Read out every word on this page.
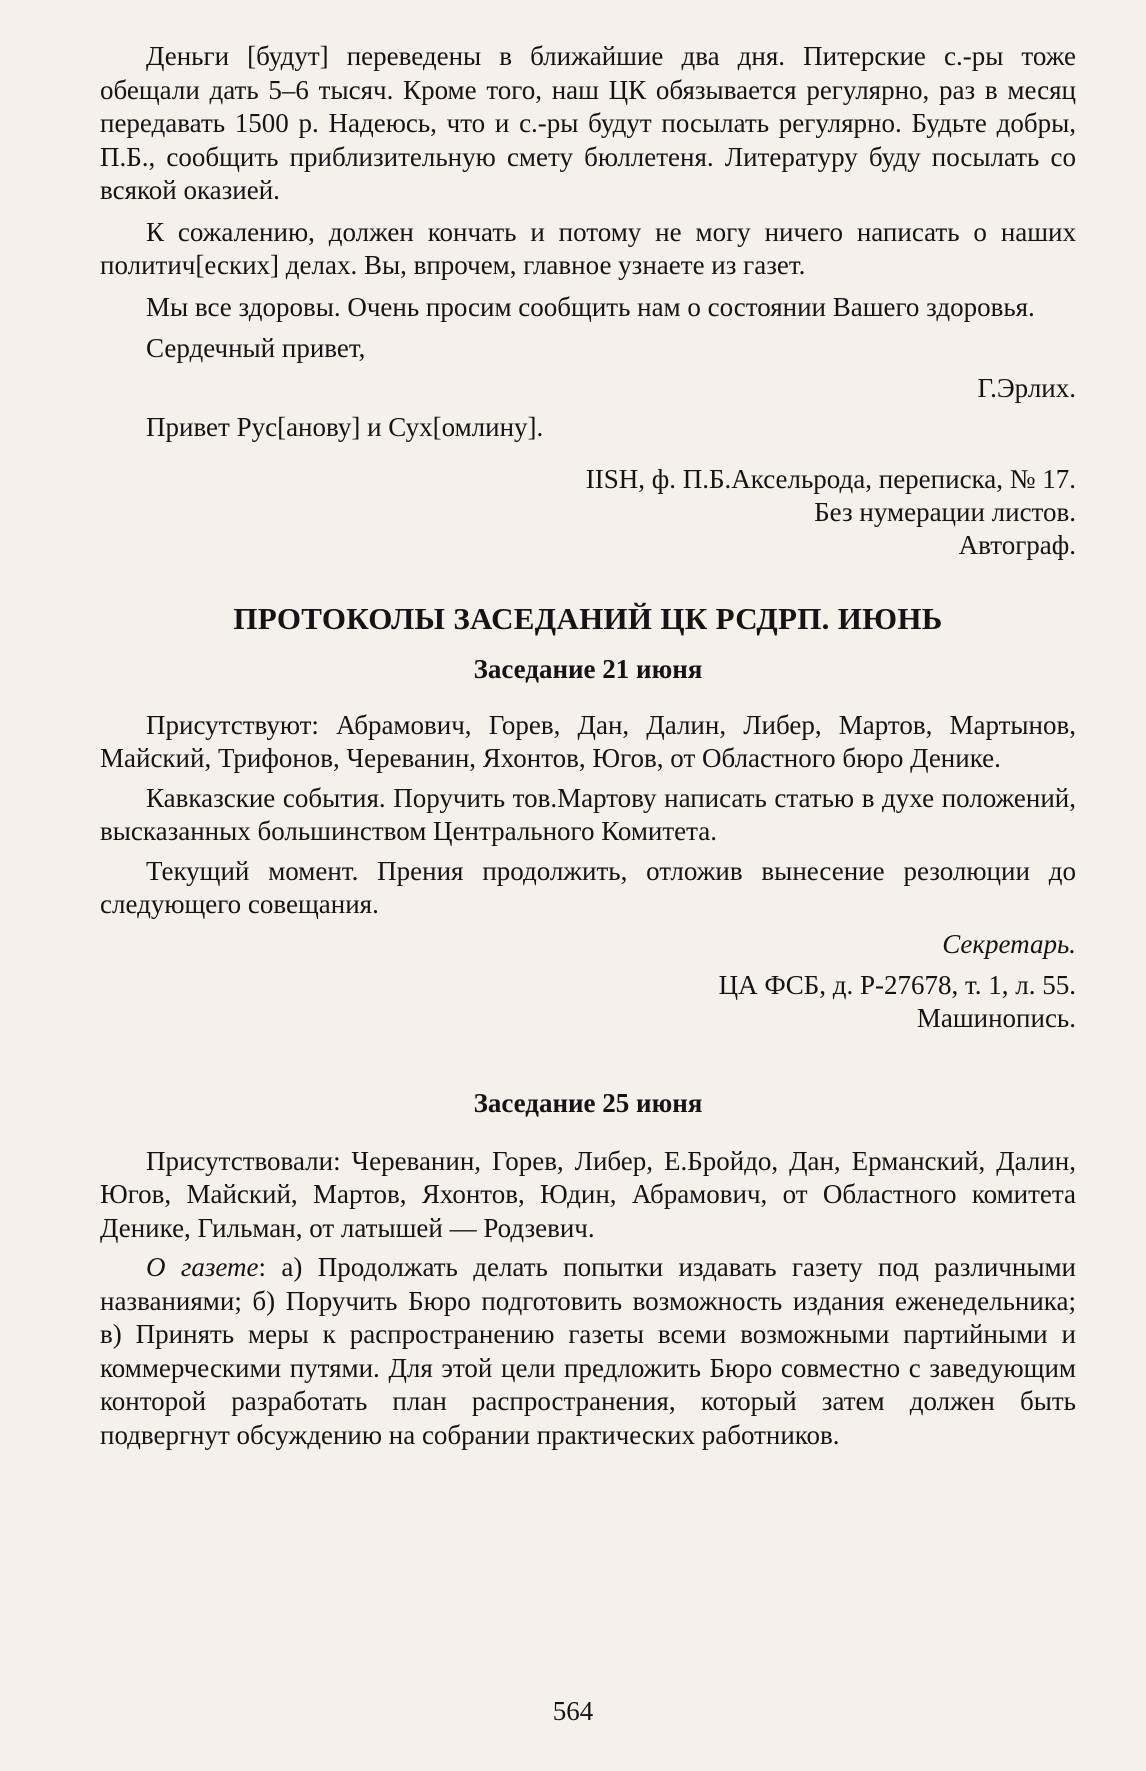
Деньги [будут] переведены в ближайшие два дня. Питерские с.-ры тоже обещали дать 5–6 тысяч. Кроме того, наш ЦК обязывается регулярно, раз в месяц передавать 1500 р. Надеюсь, что и с.-ры будут посылать регулярно. Будьте добры, П.Б., сообщить приблизительную смету бюллетеня. Литературу буду посылать со всякой оказией.

К сожалению, должен кончать и потому не могу ничего написать о наших политич[еских] делах. Вы, впрочем, главное узнаете из газет.

Мы все здоровы. Очень просим сообщить нам о состоянии Вашего здоровья.

Сердечный привет,

Г.Эрлих.

Привет Рус[анову] и Сух[омлину].

IISH, ф. П.Б.Аксельрода, переписка, № 17.
Без нумерации листов.
Автограф.
ПРОТОКОЛЫ ЗАСЕДАНИЙ ЦК РСДРП. ИЮНЬ
Заседание 21 июня

Присутствуют: Абрамович, Горев, Дан, Далин, Либер, Мартов, Мартынов, Майский, Трифонов, Череванин, Яхонтов, Югов, от Областного бюро Денике.

Кавказские события. Поручить тов.Мартову написать статью в духе положений, высказанных большинством Центрального Комитета.

Текущий момент. Прения продолжить, отложив вынесение резолюции до следующего совещания.

Секретарь.

ЦА ФСБ, д. Р-27678, т. 1, л. 55.
Машинопись.
Заседание 25 июня

Присутствовали: Череванин, Горев, Либер, Е.Бройдо, Дан, Ерманский, Далин, Югов, Майский, Мартов, Яхонтов, Юдин, Абрамович, от Областного комитета Денике, Гильман, от латышей — Родзевич.

О газете: а) Продолжать делать попытки издавать газету под различными названиями; б) Поручить Бюро подготовить возможность издания еженедельника; в) Принять меры к распространению газеты всеми возможными партийными и коммерческими путями. Для этой цели предложить Бюро совместно с заведующим конторой разработать план распространения, который затем должен быть подвергнут обсуждению на собрании практических работников.

564
